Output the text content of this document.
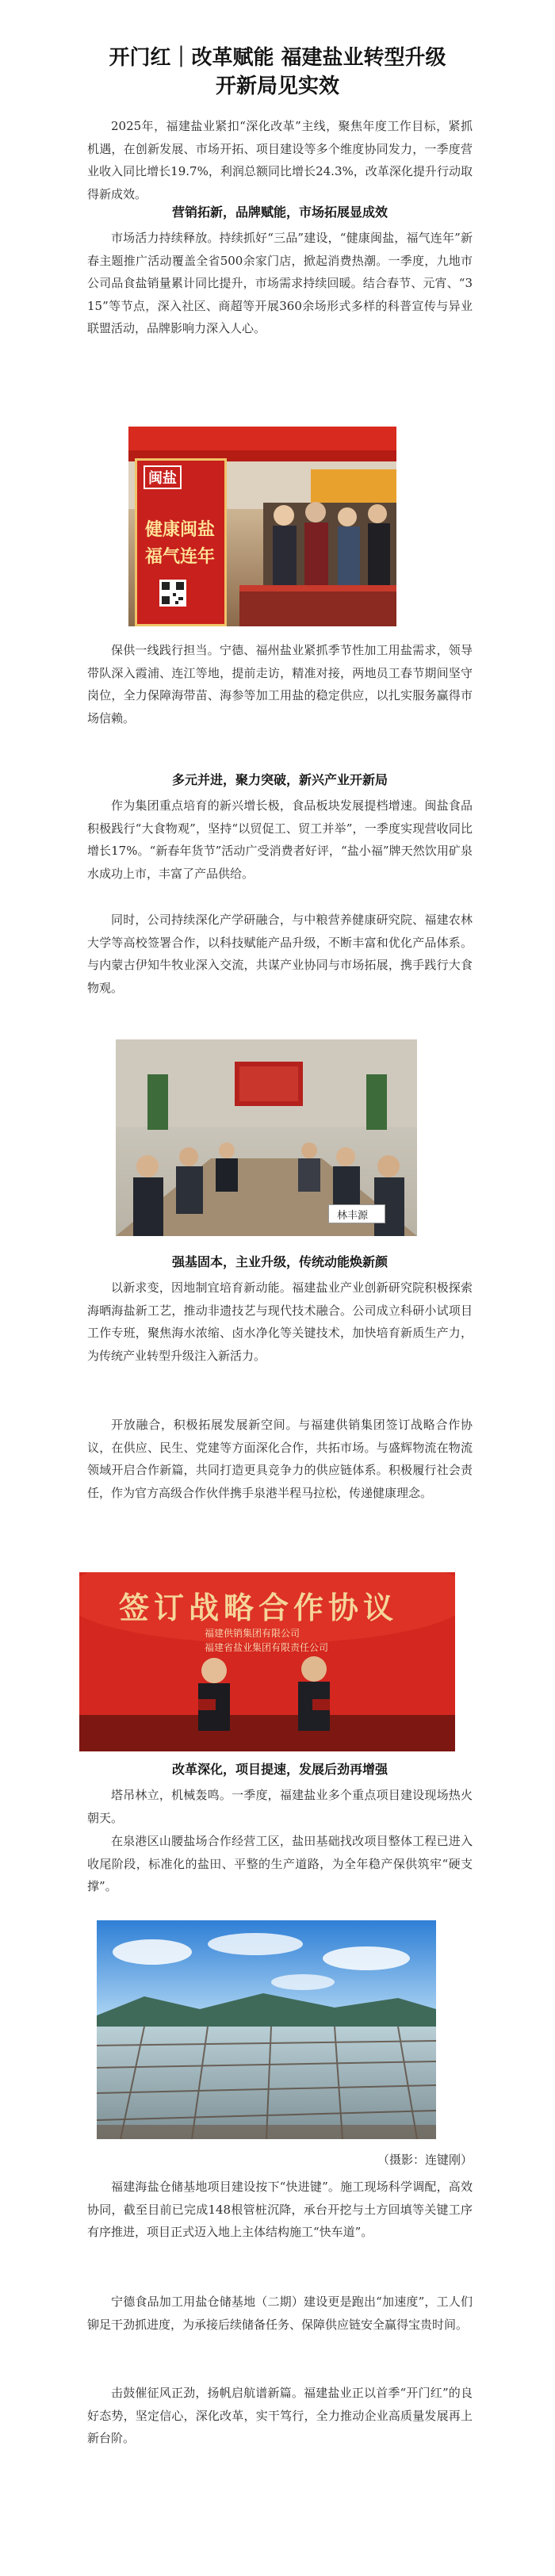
开门红｜改革赋能 福建盐业转型升级
开新局见实效

2025年，福建盐业紧扣“深化改革”主线，聚焦年度工作目标，紧抓机遇，在创新发展、市场开拓、项目建设等多个维度协同发力，一季度营业收入同比增长19.7%，利润总额同比增长24.3%，改革深化提升行动取得新成效。

营销拓新，品牌赋能，市场拓展显成效

市场活力持续释放。持续抓好“三品”建设，“健康闽盐，福气连年”新春主题推广活动覆盖全省500余家门店，掀起消费热潮。一季度，九地市公司品食盐销量累计同比提升，市场需求持续回暖。结合春节、元宵、“315”等节点，深入社区、商超等开展360余场形式多样的科普宣传与异业联盟活动，品牌影响力深入人心。

闽盐
健康闽盐
福气连年

保供一线践行担当。宁德、福州盐业紧抓季节性加工用盐需求，领导带队深入霞浦、连江等地，提前走访，精准对接，两地员工春节期间坚守岗位，全力保障海带苗、海参等加工用盐的稳定供应，以扎实服务赢得市场信赖。

多元并进，聚力突破，新兴产业开新局

作为集团重点培育的新兴增长极，食品板块发展提档增速。闽盐食品积极践行“大食物观”，坚持“以贸促工、贸工并举”，一季度实现营收同比增长17%。“新春年货节”活动广受消费者好评，“盐小福”牌天然饮用矿泉水成功上市，丰富了产品供给。

同时，公司持续深化产学研融合，与中粮营养健康研究院、福建农林大学等高校签署合作，以科技赋能产品升级，不断丰富和优化产品体系。与内蒙古伊知牛牧业深入交流，共谋产业协同与市场拓展，携手践行大食物观。

林丰源
强基固本，主业升级，传统动能焕新颜

以新求变，因地制宜培育新动能。福建盐业产业创新研究院积极探索海晒海盐新工艺，推动非遗技艺与现代技术融合。公司成立科研小试项目工作专班，聚焦海水浓缩、卤水净化等关键技术，加快培育新质生产力，为传统产业转型升级注入新活力。

开放融合，积极拓展发展新空间。与福建供销集团签订战略合作协议，在供应、民生、党建等方面深化合作，共拓市场。与盛辉物流在物流领域开启合作新篇，共同打造更具竞争力的供应链体系。积极履行社会责任，作为官方高级合作伙伴携手泉港半程马拉松，传递健康理念。

签订战略合作协议
福建供销集团有限公司
福建省盐业集团有限责任公司
改革深化，项目提速，发展后劲再增强

塔吊林立，机械轰鸣。一季度，福建盐业多个重点项目建设现场热火朝天。

在泉港区山腰盐场合作经营工区，盐田基础找改项目整体工程已进入收尾阶段，标准化的盐田、平整的生产道路，为全年稳产保供筑牢“硬支撑”。

（摄影：连键刚）

福建海盐仓储基地项目建设按下“快进键”。施工现场科学调配，高效协同，截至目前已完成148根管桩沉降，承台开挖与土方回填等关键工序有序推进，项目正式迈入地上主体结构施工“快车道”。

宁德食品加工用盐仓储基地（二期）建设更是跑出“加速度”，工人们铆足干劲抓进度，为承接后续储备任务、保障供应链安全赢得宝贵时间。

击鼓催征风正劲，扬帆启航谱新篇。福建盐业正以首季“开门红”的良好态势，坚定信心，深化改革，实干笃行，全力推动企业高质量发展再上新台阶。
